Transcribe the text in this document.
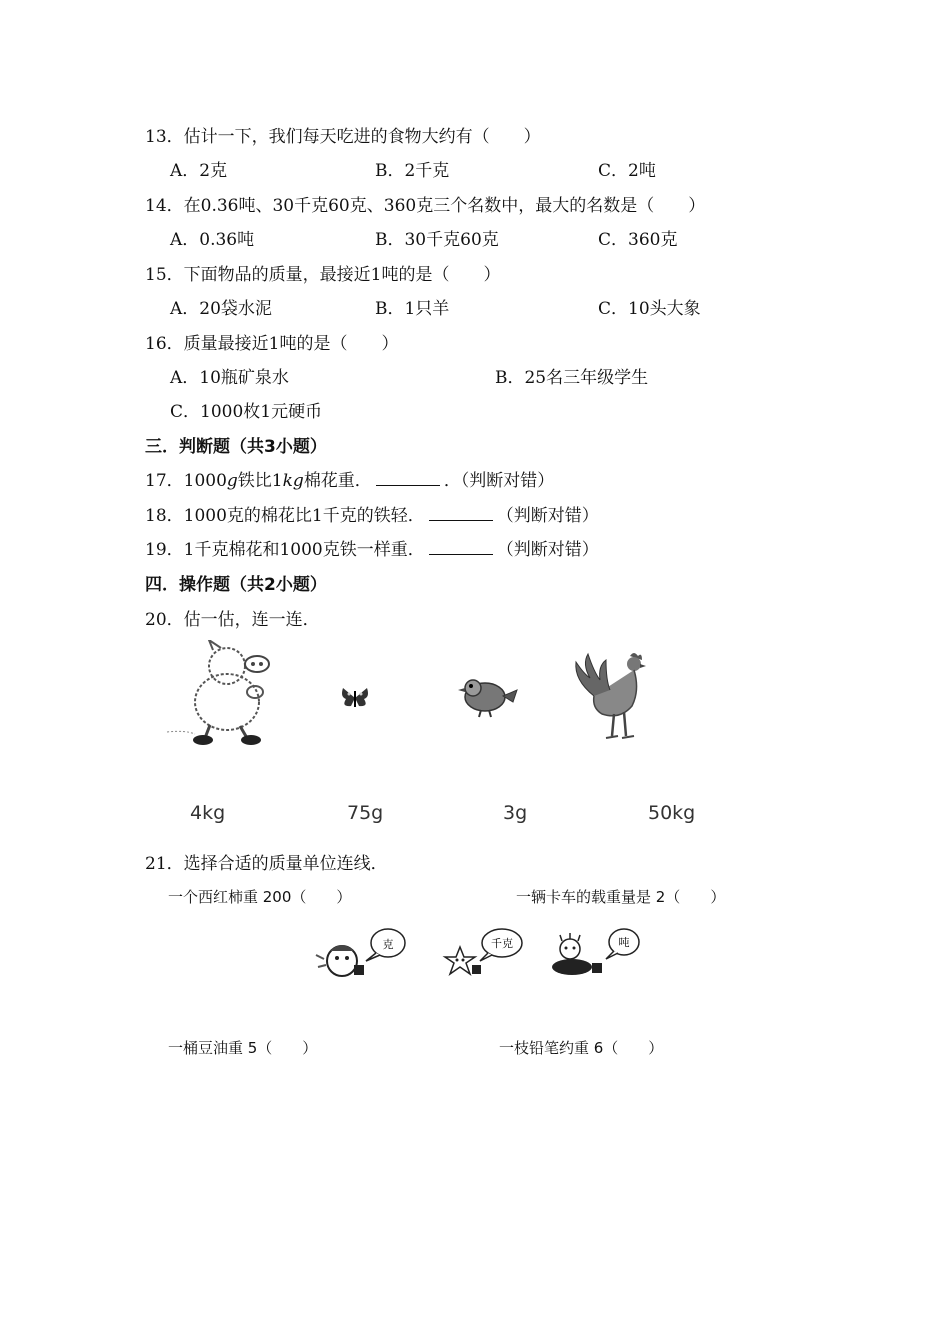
13．估计一下，我们每天吃进的食物大约有（　　）
A．2克	B．2千克	C．2吨
14．在0.36吨、30千克60克、360克三个名数中，最大的名数是（　　）
A．0.36吨	B．30千克60克	C．360克
15．下面物品的质量，最接近1吨的是（　　）
A．20袋水泥	B．1只羊	C．10头大象
16．质量最接近1吨的是（　　）
A．10瓶矿泉水	B．25名三年级学生
C．1000枚1元硬币
三．判断题（共3小题）
17．1000g铁比1kg棉花重．	．（判断对错）
18．1000克的棉花比1千克的铁轻．	（判断对错）
19．1千克棉花和1000克铁一样重．	（判断对错）
四．操作题（共2小题）
20．估一估，连一连．
4kg	75g	3g	50kg
21．选择合适的质量单位连线．
一个西红柿重 200（　　）	一辆卡车的载重量是 2（　　）
克	千克	吨
一桶豆油重 5（　　）	一枝铅笔约重 6（　　）
